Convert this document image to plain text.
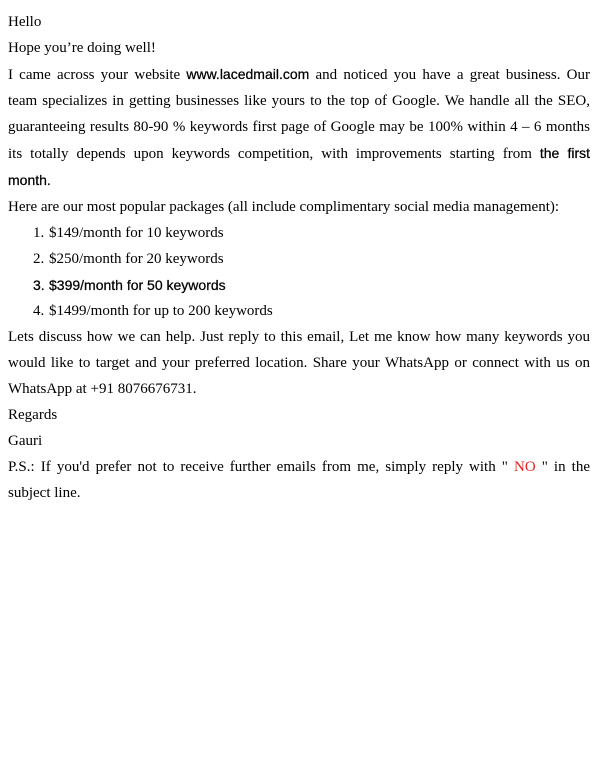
Hello

Hope you’re doing well!

I came across your website www.lacedmail.com and noticed you have a great business. Our team specializes in getting businesses like yours to the top of Google. We handle all the SEO, guaranteeing results 80-90 % keywords first page of Google may be 100% within 4 – 6 months its totally depends upon keywords competition, with improvements starting from the first month.

Here are our most popular packages (all include complimentary social media management):

1. $149/month for 10 keywords
2. $250/month for 20 keywords
3. $399/month for 50 keywords
4. $1499/month for up to 200 keywords

Lets discuss how we can help. Just reply to this email, Let me know how many keywords you would like to target and your preferred location. Share your WhatsApp or connect with us on WhatsApp at +91 8076676731.

Regards

Gauri

P.S.: If you'd prefer not to receive further emails from me, simply reply with " NO " in the subject line.
